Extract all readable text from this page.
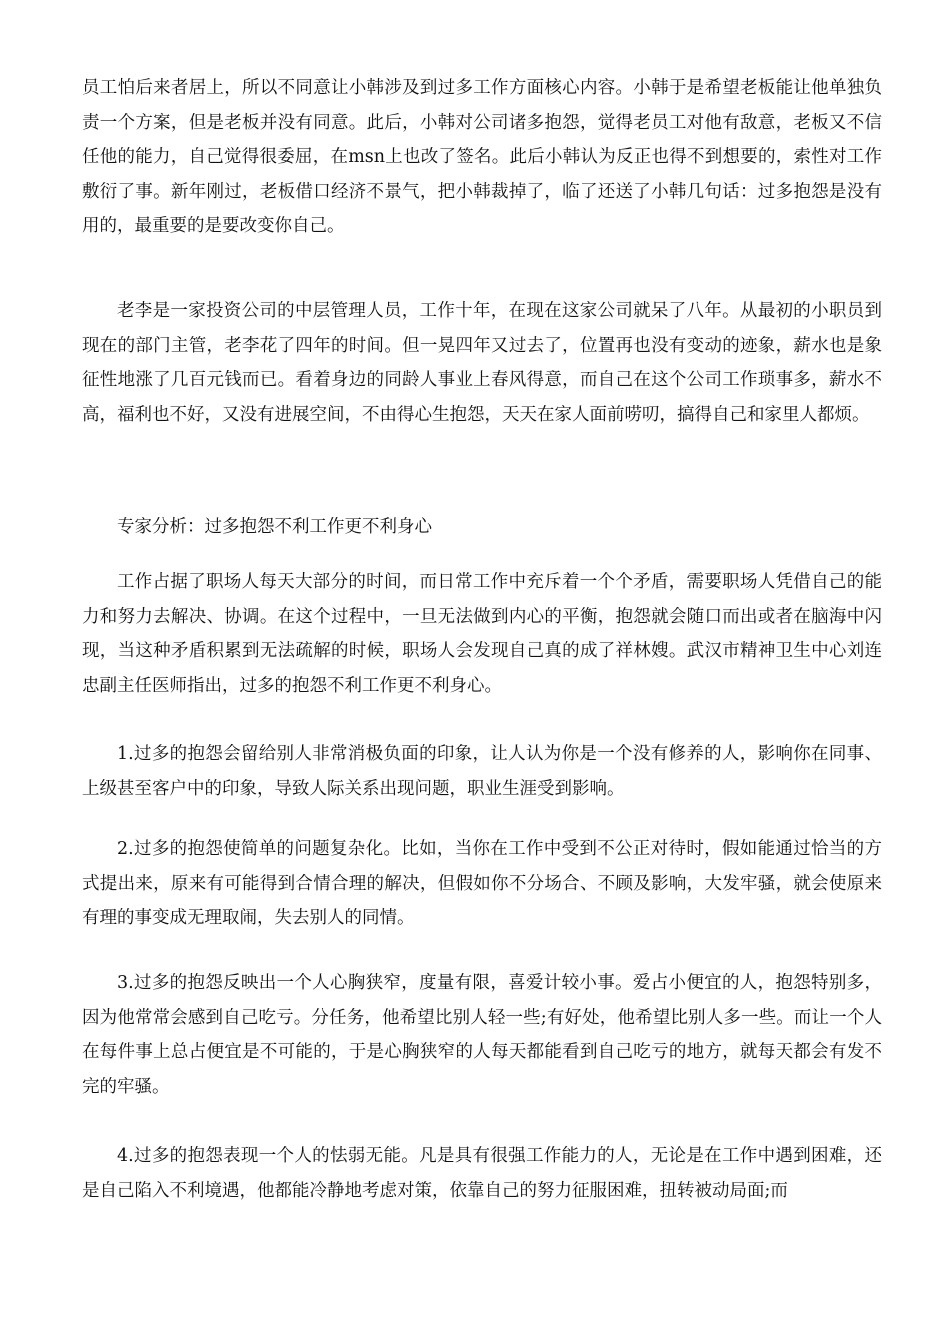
员工怕后来者居上，所以不同意让小韩涉及到过多工作方面核心内容。小韩于是希望老板能让他单独负责一个方案，但是老板并没有同意。此后，小韩对公司诸多抱怨，觉得老员工对他有敌意，老板又不信任他的能力，自己觉得很委屈，在msn上也改了签名。此后小韩认为反正也得不到想要的，索性对工作敷衍了事。新年刚过，老板借口经济不景气，把小韩裁掉了，临了还送了小韩几句话：过多抱怨是没有用的，最重要的是要改变你自己。

老李是一家投资公司的中层管理人员，工作十年，在现在这家公司就呆了八年。从最初的小职员到现在的部门主管，老李花了四年的时间。但一晃四年又过去了，位置再也没有变动的迹象，薪水也是象征性地涨了几百元钱而已。看着身边的同龄人事业上春风得意，而自己在这个公司工作琐事多，薪水不高，福利也不好，又没有进展空间，不由得心生抱怨，天天在家人面前唠叨，搞得自己和家里人都烦。

专家分析：过多抱怨不利工作更不利身心

工作占据了职场人每天大部分的时间，而日常工作中充斥着一个个矛盾，需要职场人凭借自己的能力和努力去解决、协调。在这个过程中，一旦无法做到内心的平衡，抱怨就会随口而出或者在脑海中闪现，当这种矛盾积累到无法疏解的时候，职场人会发现自己真的成了祥林嫂。武汉市精神卫生中心刘连忠副主任医师指出，过多的抱怨不利工作更不利身心。

1.过多的抱怨会留给别人非常消极负面的印象，让人认为你是一个没有修养的人，影响你在同事、上级甚至客户中的印象，导致人际关系出现问题，职业生涯受到影响。

2.过多的抱怨使简单的问题复杂化。比如，当你在工作中受到不公正对待时，假如能通过恰当的方式提出来，原来有可能得到合情合理的解决，但假如你不分场合、不顾及影响，大发牢骚，就会使原来有理的事变成无理取闹，失去别人的同情。

3.过多的抱怨反映出一个人心胸狭窄，度量有限，喜爱计较小事。爱占小便宜的人，抱怨特别多，因为他常常会感到自己吃亏。分任务，他希望比别人轻一些;有好处，他希望比别人多一些。而让一个人在每件事上总占便宜是不可能的，于是心胸狭窄的人每天都能看到自己吃亏的地方，就每天都会有发不完的牢骚。

4.过多的抱怨表现一个人的怯弱无能。凡是具有很强工作能力的人，无论是在工作中遇到困难，还是自己陷入不利境遇，他都能冷静地考虑对策，依靠自己的努力征服困难，扭转被动局面;而
